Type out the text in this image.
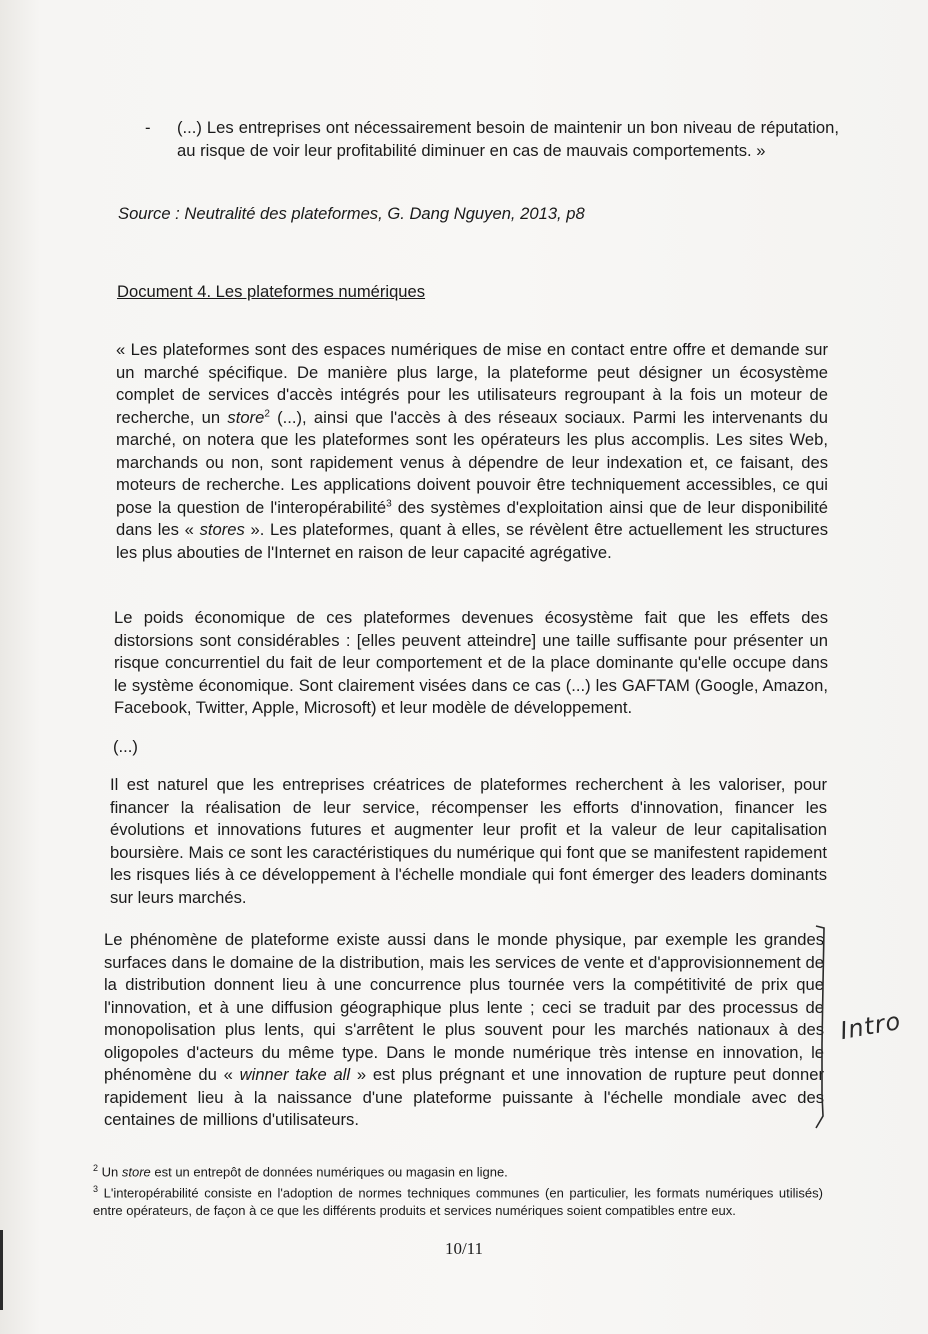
- (...) Les entreprises ont nécessairement besoin de maintenir un bon niveau de réputation, au risque de voir leur profitabilité diminuer en cas de mauvais comportements. »

Source : Neutralité des plateformes, G. Dang Nguyen, 2013, p8
Document 4. Les plateformes numériques

« Les plateformes sont des espaces numériques de mise en contact entre offre et demande sur un marché spécifique. De manière plus large, la plateforme peut désigner un écosystème complet de services d'accès intégrés pour les utilisateurs regroupant à la fois un moteur de recherche, un store$^2$ (...), ainsi que l'accès à des réseaux sociaux. Parmi les intervenants du marché, on notera que les plateformes sont les opérateurs les plus accomplis. Les sites Web, marchands ou non, sont rapidement venus à dépendre de leur indexation et, ce faisant, des moteurs de recherche. Les applications doivent pouvoir être techniquement accessibles, ce qui pose la question de l'interopérabilité$^3$ des systèmes d'exploitation ainsi que de leur disponibilité dans les « stores ». Les plateformes, quant à elles, se révèlent être actuellement les structures les plus abouties de l'Internet en raison de leur capacité agrégative.

Le poids économique de ces plateformes devenues écosystème fait que les effets des distorsions sont considérables : [elles peuvent atteindre] une taille suffisante pour présenter un risque concurrentiel du fait de leur comportement et de la place dominante qu'elle occupe dans le système économique. Sont clairement visées dans ce cas (...) les GAFTAM (Google, Amazon, Facebook, Twitter, Apple, Microsoft) et leur modèle de développement.

(...)

Il est naturel que les entreprises créatrices de plateformes recherchent à les valoriser, pour financer la réalisation de leur service, récompenser les efforts d'innovation, financer les évolutions et innovations futures et augmenter leur profit et la valeur de leur capitalisation boursière. Mais ce sont les caractéristiques du numérique qui font que se manifestent rapidement les risques liés à ce développement à l'échelle mondiale qui font émerger des leaders dominants sur leurs marchés.

Le phénomène de plateforme existe aussi dans le monde physique, par exemple les grandes surfaces dans le domaine de la distribution, mais les services de vente et d'approvisionnement de la distribution donnent lieu à une concurrence plus tournée vers la compétitivité de prix que l'innovation, et à une diffusion géographique plus lente ; ceci se traduit par des processus de monopolisation plus lents, qui s'arrêtent le plus souvent pour les marchés nationaux à des oligopoles d'acteurs du même type. Dans le monde numérique très intense en innovation, le phénomène du « winner take all » est plus prégnant et une innovation de rupture peut donner rapidement lieu à la naissance d'une plateforme puissante à l'échelle mondiale avec des centaines de millions d'utilisateurs.

Intro

$^2$ Un store est un entrepôt de données numériques ou magasin en ligne.

$^3$ L'interopérabilité consiste en l'adoption de normes techniques communes (en particulier, les formats numériques utilisés) entre opérateurs, de façon à ce que les différents produits et services numériques soient compatibles entre eux.

10/11
